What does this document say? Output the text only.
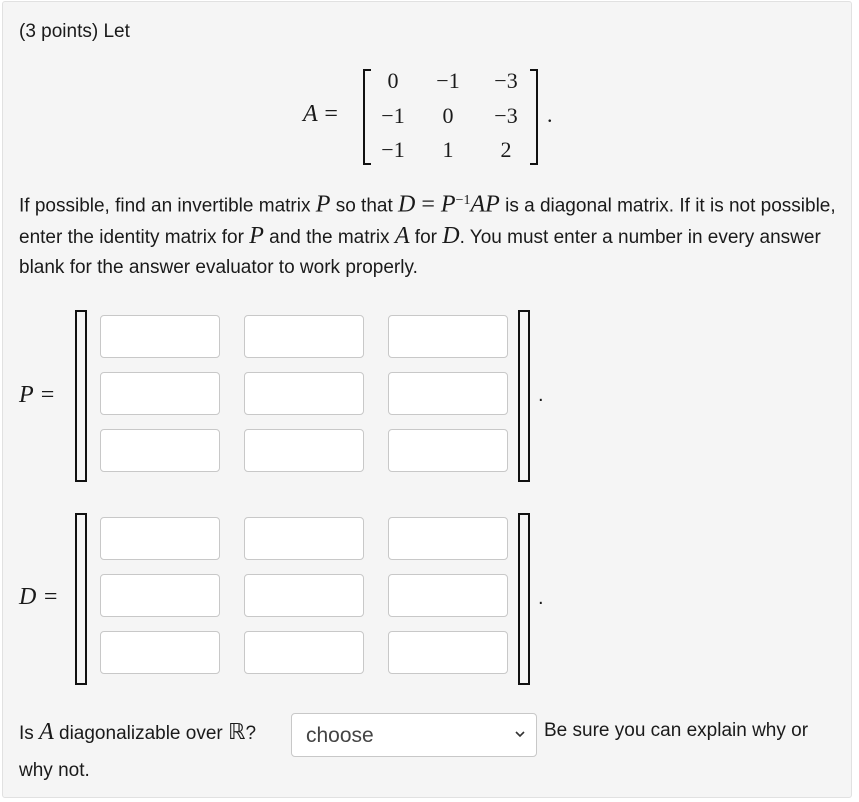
(3 points) Let
A =
0	−1	−3
−1	0	−3
−1	1	2
.
If possible, find an invertible matrix P so that $D = P^{-1}AP$ is a diagonal matrix. If it is not possible, enter the identity matrix for P and the matrix A for D. You must enter a number in every answer blank for the answer evaluator to work properly.
P =	.
D =	.
Is A diagonalizable over ℝ? choose	Be sure you can explain why or
why not.
